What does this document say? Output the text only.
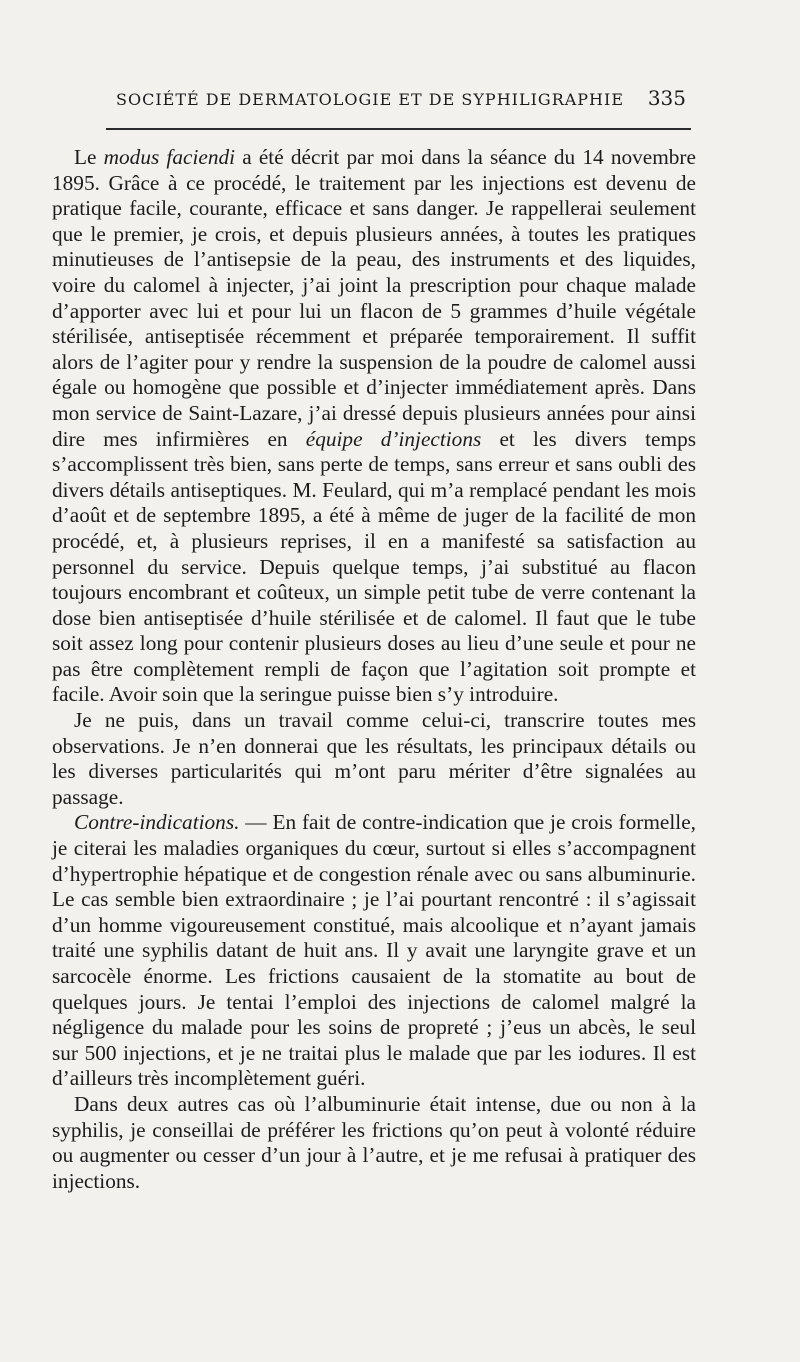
SOCIÉTÉ DE DERMATOLOGIE ET DE SYPHILIGRAPHIE 335

Le modus faciendi a été décrit par moi dans la séance du 14 novembre 1895. Grâce à ce procédé, le traitement par les injections est devenu de pratique facile, courante, efficace et sans danger. Je rappellerai seulement que le premier, je crois, et depuis plusieurs années, à toutes les pratiques minutieuses de l’antisepsie de la peau, des instruments et des liquides, voire du calomel à injecter, j’ai joint la prescription pour chaque malade d’apporter avec lui et pour lui un flacon de 5 grammes d’huile végétale stérilisée, antiseptisée récemment et préparée temporairement. Il suffit alors de l’agiter pour y rendre la suspension de la poudre de calomel aussi égale ou homogène que possible et d’injecter immédiatement après. Dans mon service de Saint-Lazare, j’ai dressé depuis plusieurs années pour ainsi dire mes infirmières en équipe d’injections et les divers temps s’accomplissent très bien, sans perte de temps, sans erreur et sans oubli des divers détails antiseptiques. M. Feulard, qui m’a remplacé pendant les mois d’août et de septembre 1895, a été à même de juger de la facilité de mon procédé, et, à plusieurs reprises, il en a manifesté sa satisfaction au personnel du service. Depuis quelque temps, j’ai substitué au flacon toujours encombrant et coûteux, un simple petit tube de verre contenant la dose bien antiseptisée d’huile stérilisée et de calomel. Il faut que le tube soit assez long pour contenir plusieurs doses au lieu d’une seule et pour ne pas être complètement rempli de façon que l’agitation soit prompte et facile. Avoir soin que la seringue puisse bien s’y introduire.

Je ne puis, dans un travail comme celui-ci, transcrire toutes mes observations. Je n’en donnerai que les résultats, les principaux détails ou les diverses particularités qui m’ont paru mériter d’être signalées au passage.

Contre-indications. — En fait de contre-indication que je crois formelle, je citerai les maladies organiques du cœur, surtout si elles s’accompagnent d’hypertrophie hépatique et de congestion rénale avec ou sans albuminurie. Le cas semble bien extraordinaire ; je l’ai pourtant rencontré : il s’agissait d’un homme vigoureusement constitué, mais alcoolique et n’ayant jamais traité une syphilis datant de huit ans. Il y avait une laryngite grave et un sarcocèle énorme. Les frictions causaient de la stomatite au bout de quelques jours. Je tentai l’emploi des injections de calomel malgré la négligence du malade pour les soins de propreté ; j’eus un abcès, le seul sur 500 injections, et je ne traitai plus le malade que par les iodures. Il est d’ailleurs très incomplètement guéri.

Dans deux autres cas où l’albuminurie était intense, due ou non à la syphilis, je conseillai de préférer les frictions qu’on peut à volonté réduire ou augmenter ou cesser d’un jour à l’autre, et je me refusai à pratiquer des injections.
